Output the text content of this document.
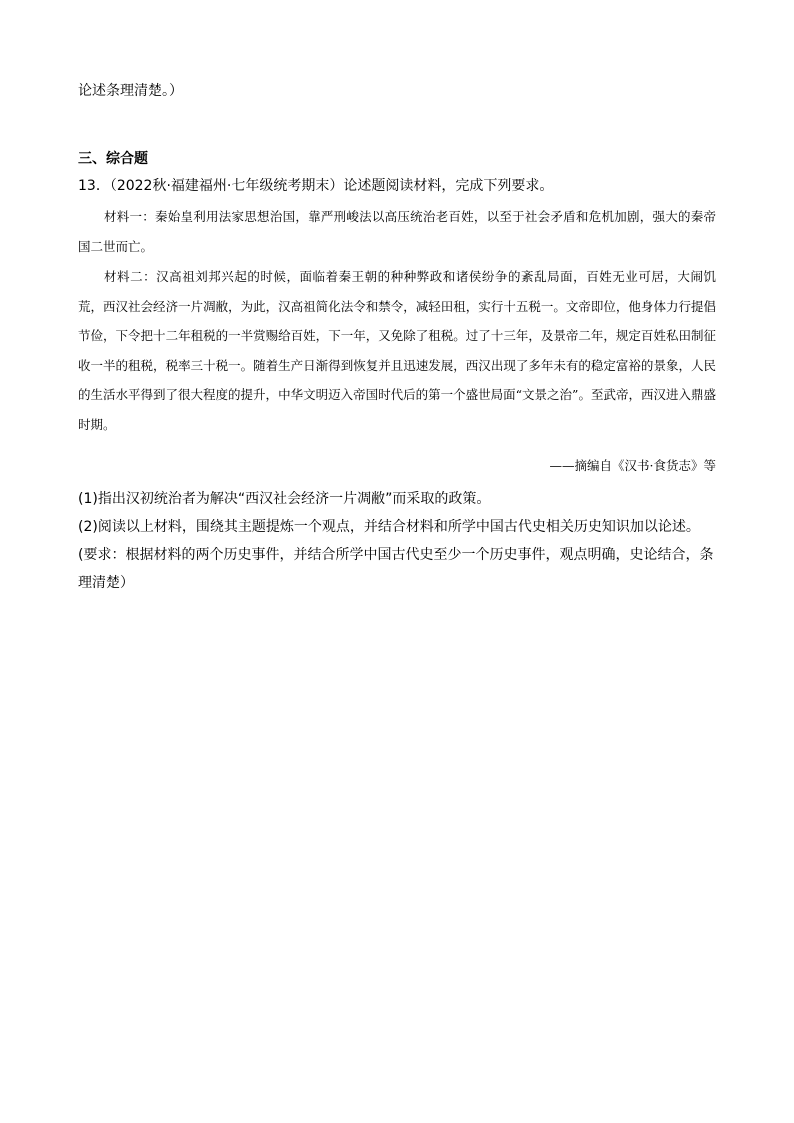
论述条理清楚。）
三、综合题
13．（2022秋·福建福州·七年级统考期末）论述题阅读材料，完成下列要求。

材料一：秦始皇利用法家思想治国，靠严刑峻法以高压统治老百姓，以至于社会矛盾和危机加剧，强大的秦帝国二世而亡。

材料二：汉高祖刘邦兴起的时候，面临着秦王朝的种种弊政和诸侯纷争的紊乱局面，百姓无业可居，大闹饥荒，西汉社会经济一片凋敝，为此，汉高祖简化法令和禁令，减轻田租，实行十五税一。文帝即位，他身体力行提倡节俭，下令把十二年租税的一半赏赐给百姓，下一年，又免除了租税。过了十三年，及景帝二年，规定百姓私田制征收一半的租税，税率三十税一。随着生产日渐得到恢复并且迅速发展，西汉出现了多年未有的稳定富裕的景象，人民的生活水平得到了很大程度的提升，中华文明迈入帝国时代后的第一个盛世局面“文景之治”。至武帝，西汉进入鼎盛时期。

——摘编自《汉书·食货志》等
(1)指出汉初统治者为解决“西汉社会经济一片凋敝”而采取的政策。
(2)阅读以上材料，围绕其主题提炼一个观点，并结合材料和所学中国古代史相关历史知识加以论述。(要求：根据材料的两个历史事件，并结合所学中国古代史至少一个历史事件，观点明确，史论结合，条理清楚）
